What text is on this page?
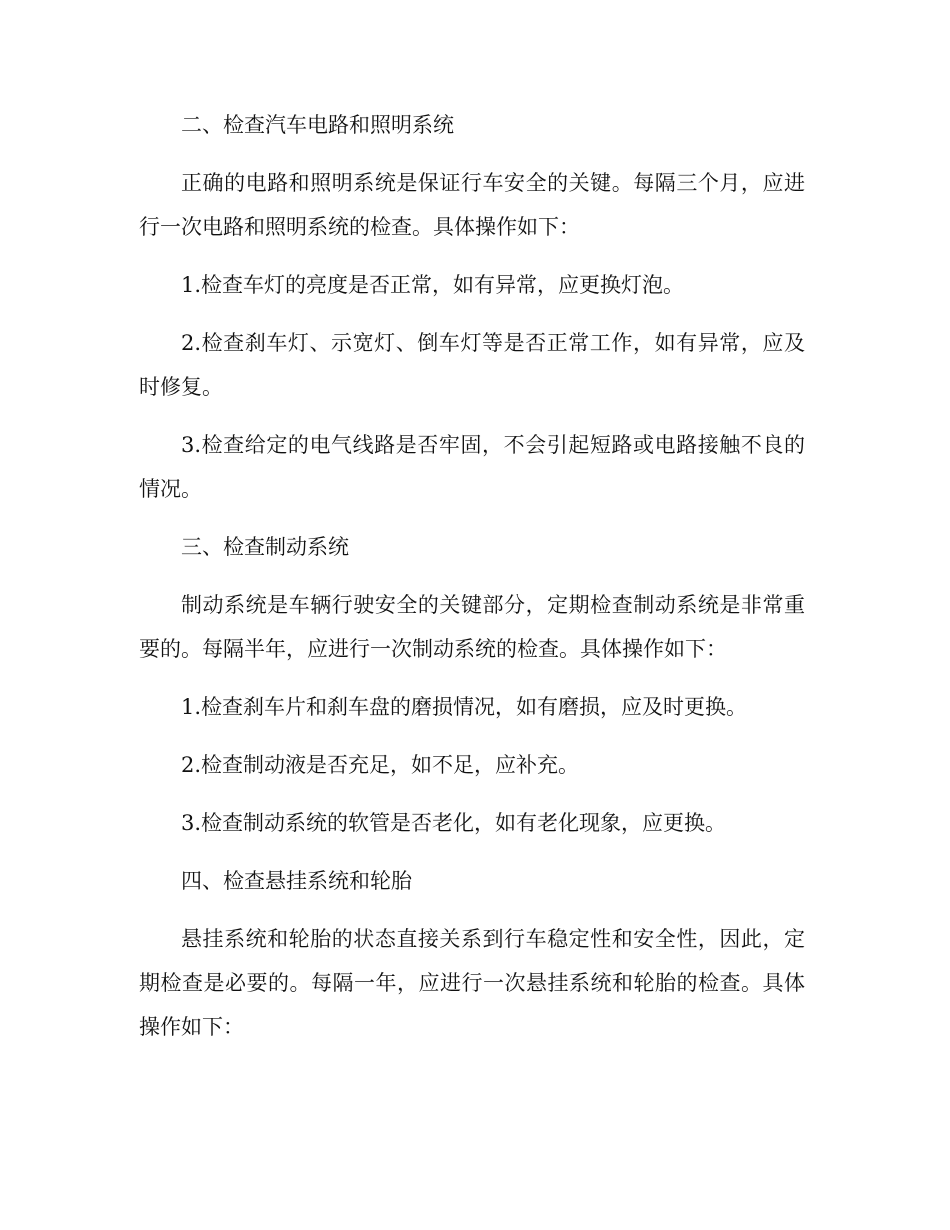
二、检查汽车电路和照明系统

正确的电路和照明系统是保证行车安全的关键。每隔三个月，应进行一次电路和照明系统的检查。具体操作如下：

1.检查车灯的亮度是否正常，如有异常，应更换灯泡。

2.检查刹车灯、示宽灯、倒车灯等是否正常工作，如有异常，应及时修复。

3.检查给定的电气线路是否牢固，不会引起短路或电路接触不良的情况。

三、检查制动系统

制动系统是车辆行驶安全的关键部分，定期检查制动系统是非常重要的。每隔半年，应进行一次制动系统的检查。具体操作如下：

1.检查刹车片和刹车盘的磨损情况，如有磨损，应及时更换。

2.检查制动液是否充足，如不足，应补充。

3.检查制动系统的软管是否老化，如有老化现象，应更换。

四、检查悬挂系统和轮胎

悬挂系统和轮胎的状态直接关系到行车稳定性和安全性，因此，定期检查是必要的。每隔一年，应进行一次悬挂系统和轮胎的检查。具体操作如下：
